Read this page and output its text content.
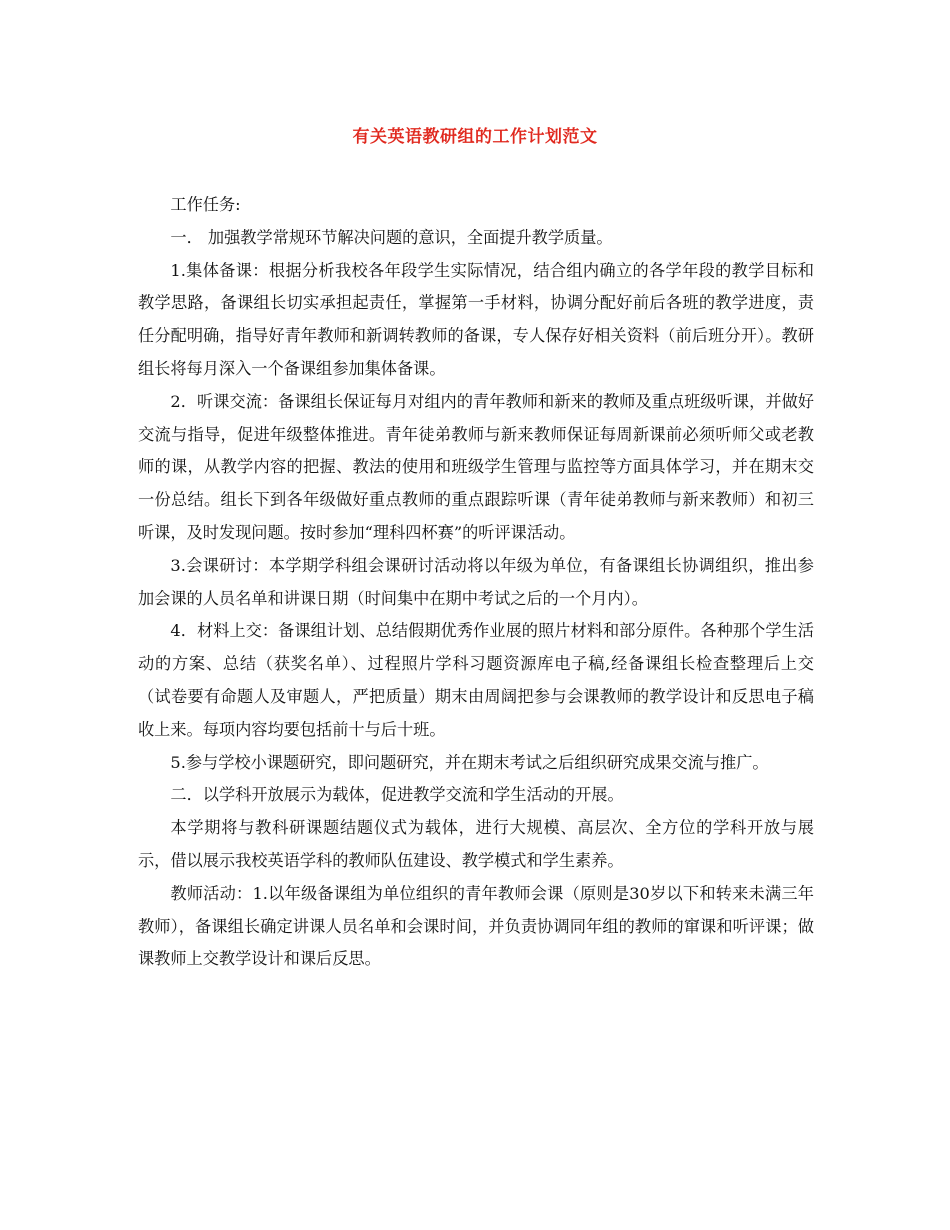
有关英语教研组的工作计划范文

工作任务:

一． 加强教学常规环节解决问题的意识，全面提升教学质量。

1.集体备课：根据分析我校各年段学生实际情况，结合组内确立的各学年段的教学目标和教学思路，备课组长切实承担起责任，掌握第一手材料，协调分配好前后各班的教学进度，责任分配明确，指导好青年教师和新调转教师的备课，专人保存好相关资料（前后班分开）。教研组长将每月深入一个备课组参加集体备课。

2．听课交流：备课组长保证每月对组内的青年教师和新来的教师及重点班级听课，并做好交流与指导，促进年级整体推进。青年徒弟教师与新来教师保证每周新课前必须听师父或老教师的课，从教学内容的把握、教法的使用和班级学生管理与监控等方面具体学习，并在期末交一份总结。组长下到各年级做好重点教师的重点跟踪听课（青年徒弟教师与新来教师）和初三听课，及时发现问题。按时参加“理科四杯赛”的听评课活动。

3.会课研讨：本学期学科组会课研讨活动将以年级为单位，有备课组长协调组织，推出参加会课的人员名单和讲课日期（时间集中在期中考试之后的一个月内）。

4．材料上交：备课组计划、总结假期优秀作业展的照片材料和部分原件。各种那个学生活动的方案、总结（获奖名单）、过程照片学科习题资源库电子稿,经备课组长检查整理后上交（试卷要有命题人及审题人，严把质量）期末由周阔把参与会课教师的教学设计和反思电子稿收上来。每项内容均要包括前十与后十班。

5.参与学校小课题研究，即问题研究，并在期末考试之后组织研究成果交流与推广。

二．以学科开放展示为载体，促进教学交流和学生活动的开展。

本学期将与教科研课题结题仪式为载体，进行大规模、高层次、全方位的学科开放与展示，借以展示我校英语学科的教师队伍建设、教学模式和学生素养。

教师活动：1.以年级备课组为单位组织的青年教师会课（原则是30岁以下和转来未满三年教师），备课组长确定讲课人员名单和会课时间，并负责协调同年组的教师的窜课和听评课；做课教师上交教学设计和课后反思。
